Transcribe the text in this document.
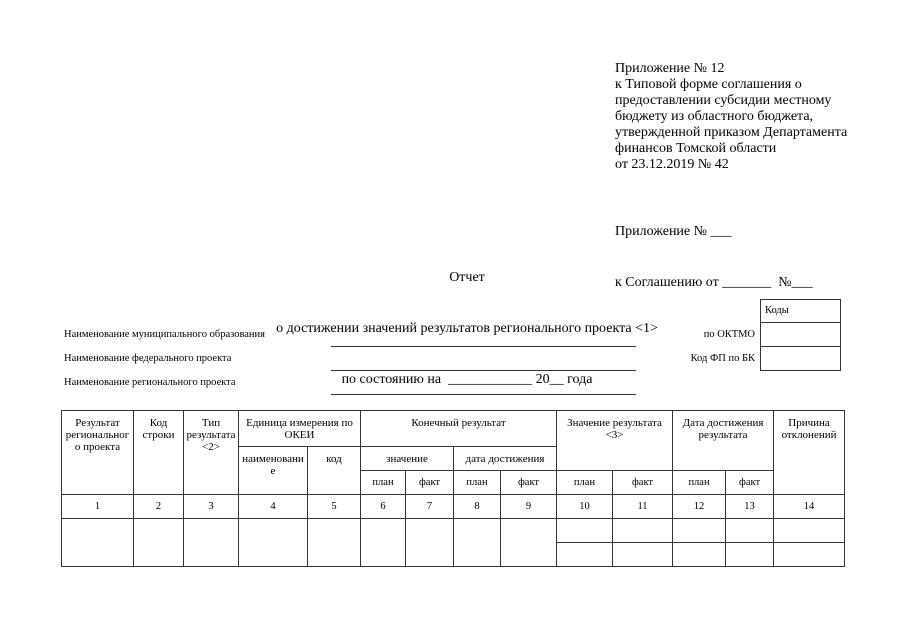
Приложение № 12
к Типовой форме соглашения о
предоставлении субсидии местному
бюджету из областного бюджета,
утвержденной приказом Департамента
финансов Томской области
от 23.12.2019 № 42

Приложение № ___

к Соглашению от _______  №___

Отчет

о достижении значений результатов регионального проекта <1>

по состоянию на  ____________ 20__ года

Наименование муниципального образования
Наименование федерального проекта
Наименование регионального проекта
по ОКТМО
Код ФП по БК
Коды
Результат регионального проекта	Код строки	Тип результата <2>	Единица измерения по ОКЕИ		Конечный результат				Значение результата <3>		Дата достижения результата		Причина отклонений
			наименование	код	значение		дата достижения						
					план	факт	план	факт	план	факт	план	факт	
1	2	3	4	5	6	7	8	9	10	11	12	13	14
